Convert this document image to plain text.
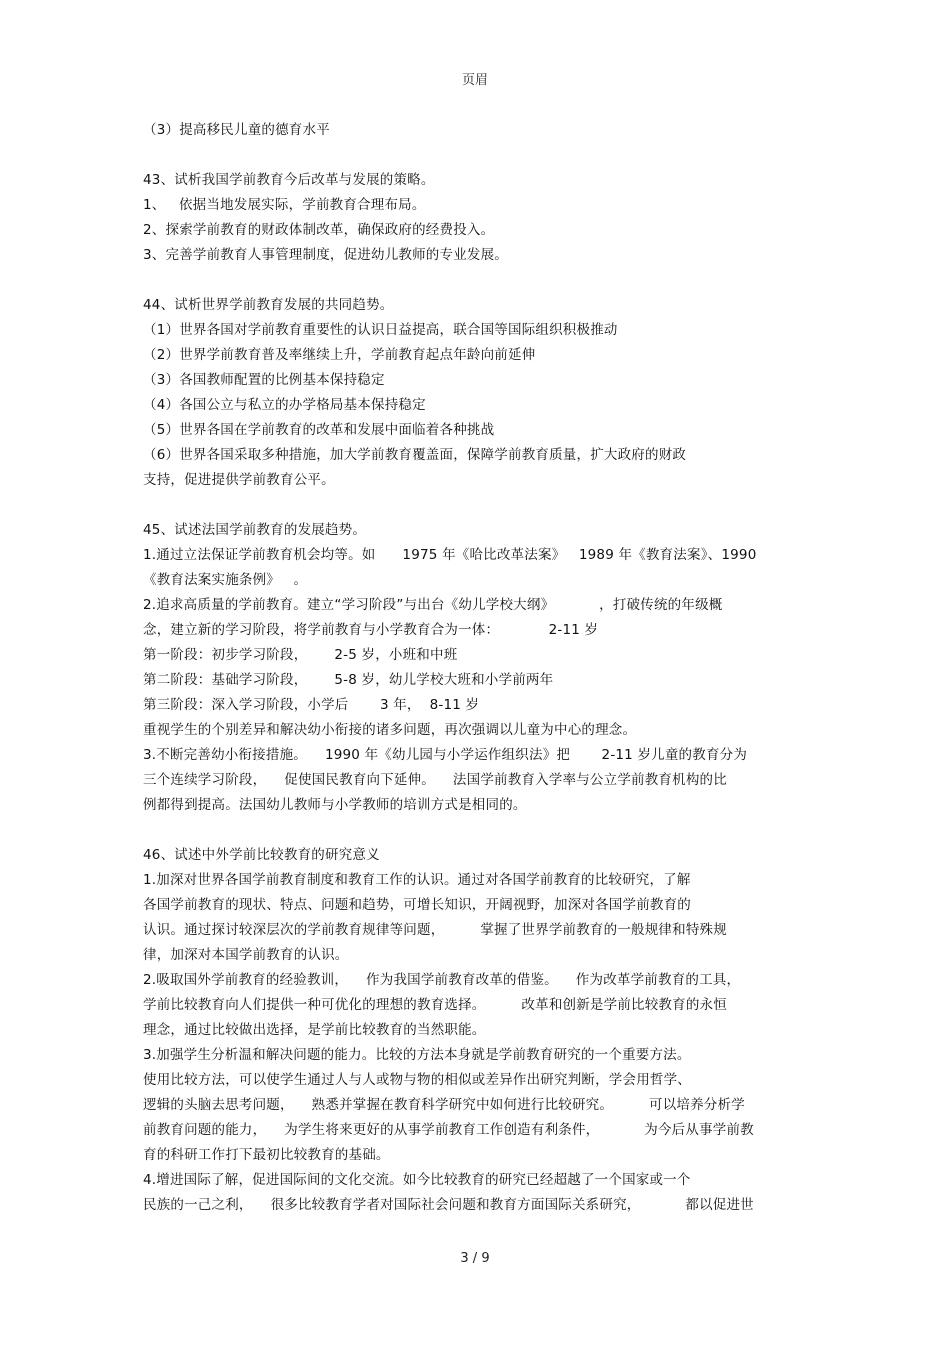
页眉
（3）提高移民儿童的德育水平
43、试析我国学前教育今后改革与发展的策略。
1、   依据当地发展实际，学前教育合理布局。
2、探索学前教育的财政体制改革，确保政府的经费投入。
3、完善学前教育人事管理制度，促进幼儿教师的专业发展。
44、试析世界学前教育发展的共同趋势。
（1）世界各国对学前教育重要性的认识日益提高，联合国等国际组织积极推动
（2）世界学前教育普及率继续上升，学前教育起点年龄向前延伸
（3）各国教师配置的比例基本保持稳定
（4）各国公立与私立的办学格局基本保持稳定
（5）世界各国在学前教育的改革和发展中面临着各种挑战
（6）世界各国采取多种措施，加大学前教育覆盖面，保障学前教育质量，扩大政府的财政
支持，促进提供学前教育公平。
45、试述法国学前教育的发展趋势。
1.通过立法保证学前教育机会均等。如      1975 年《哈比改革法案》   1989 年《教育法案》、1990
《教育法案实施条例》   。
2.追求高质量的学前教育。建立“学习阶段”与出台《幼儿学校大纲》          ，打破传统的年级概
念，建立新的学习阶段，将学前教育与小学教育合为一体：           2-11 岁
第一阶段：初步学习阶段，      2-5 岁，小班和中班
第二阶段：基础学习阶段，      5-8 岁，幼儿学校大班和小学前两年
第三阶段：深入学习阶段，小学后       3 年，  8-11 岁
重视学生的个别差异和解决幼小衔接的诸多问题，再次强调以儿童为中心的理念。
3.不断完善幼小衔接措施。    1990 年《幼儿园与小学运作组织法》把       2-11 岁儿童的教育分为
三个连续学习阶段，    促使国民教育向下延伸。    法国学前教育入学率与公立学前教育机构的比
例都得到提高。法国幼儿教师与小学教师的培训方式是相同的。
46、试述中外学前比较教育的研究意义
1.加深对世界各国学前教育制度和教育工作的认识。通过对各国学前教育的比较研究，了解
各国学前教育的现状、特点、问题和趋势，可增长知识，开阔视野，加深对各国学前教育的
认识。通过探讨较深层次的学前教育规律等问题，        掌握了世界学前教育的一般规律和特殊规
律，加深对本国学前教育的认识。
2.吸取国外学前教育的经验教训，    作为我国学前教育改革的借鉴。    作为改革学前教育的工具，
学前比较教育向人们提供一种可优化的理想的教育选择。        改革和创新是学前比较教育的永恒
理念，通过比较做出选择，是学前比较教育的当然职能。
3.加强学生分析温和解决问题的能力。比较的方法本身就是学前教育研究的一个重要方法。
使用比较方法，可以使学生通过人与人或物与物的相似或差异作出研究判断，学会用哲学、
逻辑的头脑去思考问题，    熟悉并掌握在教育科学研究中如何进行比较研究。        可以培养分析学
前教育问题的能力，    为学生将来更好的从事学前教育工作创造有利条件，          为今后从事学前教
育的科研工作打下最初比较教育的基础。
4.增进国际了解，促进国际间的文化交流。如今比较教育的研究已经超越了一个国家或一个
民族的一己之利，    很多比较教育学者对国际社会问题和教育方面国际关系研究，          都以促进世
3 / 9
